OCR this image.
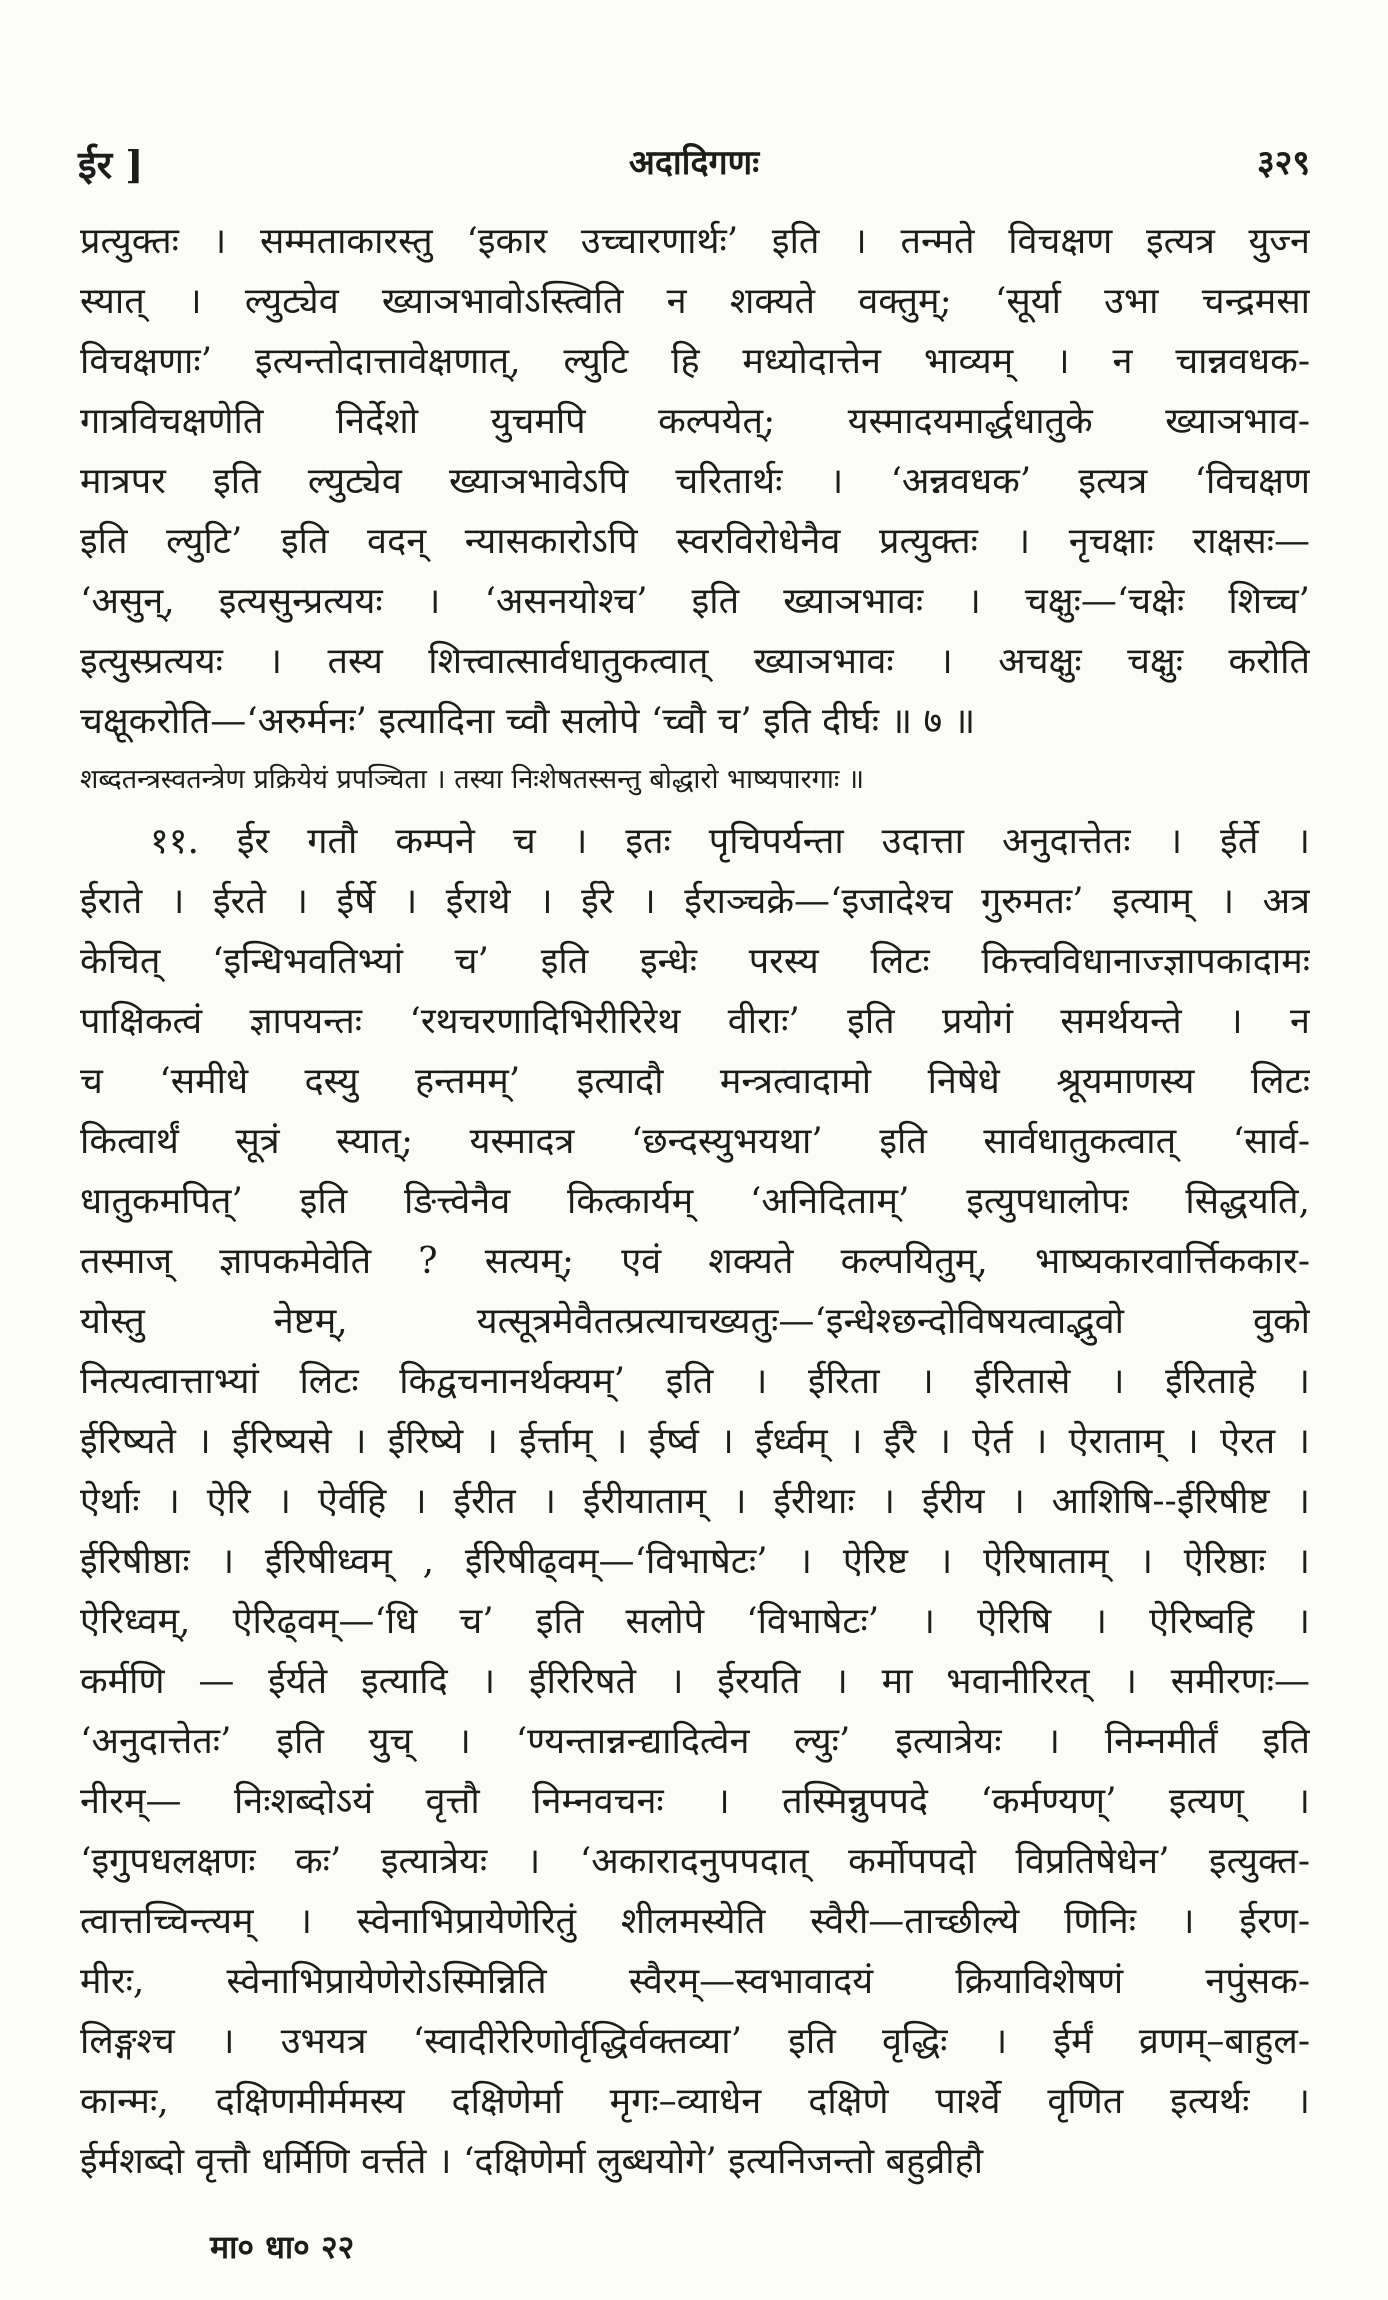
ईर ]	अदादिगणः	३२९
प्रत्युक्तः । सम्मताकारस्तु ‘इकार उच्चारणार्थः’ इति । तन्मते विचक्षण इत्यत्र युज्न
स्यात् । ल्युट्येव ख्याञभावोऽस्त्विति न शक्यते वक्तुम्; ‘सूर्या उभा चन्द्रमसा
विचक्षणाः’ इत्यन्तोदात्तावेक्षणात्, ल्युटि हि मध्योदात्तेन भाव्यम् । न चान्नवधक-
गात्रविचक्षणेति निर्देशो युचमपि कल्पयेत्; यस्मादयमार्द्धधातुके ख्याञभाव-
मात्रपर इति ल्युट्येव ख्याञभावेऽपि चरितार्थः । ‘अन्नवधक’ इत्यत्र ‘विचक्षण
इति ल्युटि’ इति वदन् न्यासकारोऽपि स्वरविरोधेनैव प्रत्युक्तः । नृचक्षाः राक्षसः—
‘असुन्, इत्यसुन्प्रत्ययः । ‘असनयोश्च’ इति ख्याञभावः । चक्षुः—‘चक्षेः शिच्च’
इत्युस्प्रत्ययः । तस्य शित्त्वात्सार्वधातुकत्वात् ख्याञभावः । अचक्षुः चक्षुः करोति
चक्षूकरोति—‘अरुर्मनः’ इत्यादिना च्वौ सलोपे ‘च्वौ च’ इति दीर्घः ॥ ७ ॥
शब्दतन्त्रस्वतन्त्रेण प्रक्रियेयं प्रपञ्चिता । तस्या निःशेषतस्सन्तु बोद्धारो भाष्यपारगाः ॥
११. ईर गतौ कम्पने च । इतः पृचिपर्यन्ता उदात्ता अनुदात्तेतः । ईर्ते ।
ईराते । ईरते । ईर्षे । ईराथे । ईरे । ईराञ्चक्रे—‘इजादेश्च गुरुमतः’ इत्याम् । अत्र
केचित् ‘इन्धिभवतिभ्यां च’ इति इन्धेः परस्य लिटः कित्त्वविधानाज्ज्ञापकादामः
पाक्षिकत्वं ज्ञापयन्तः ‘रथचरणादिभिरीरिरेथ वीराः’ इति प्रयोगं समर्थयन्ते । न
च ‘समीधे दस्यु हन्तमम्’ इत्यादौ मन्त्रत्वादामो निषेधे श्रूयमाणस्य लिटः
कित्वार्थं सूत्रं स्यात्; यस्मादत्र ‘छन्दस्युभयथा’ इति सार्वधातुकत्वात् ‘सार्व-
धातुकमपित्’ इति ङित्त्वेनैव कित्कार्यम् ‘अनिदिताम्’ इत्युपधालोपः सिद्धयति,
तस्माज् ज्ञापकमेवेति ? सत्यम्; एवं शक्यते कल्पयितुम्, भाष्यकारवार्त्तिककार-
योस्तु नेष्टम्, यत्सूत्रमेवैतत्प्रत्याचख्यतुः—‘इन्धेश्छन्दोविषयत्वाद्भुवो वुको
नित्यत्वात्ताभ्यां लिटः किद्वचनानर्थक्यम्’ इति । ईरिता । ईरितासे । ईरिताहे ।
ईरिष्यते । ईरिष्यसे । ईरिष्ये । ईर्त्ताम् । ईर्ष्व । ईर्ध्वम् । ईरै । ऐर्त । ऐराताम् । ऐरत ।
ऐर्थाः । ऐरि । ऐर्वहि । ईरीत । ईरीयाताम् । ईरीथाः । ईरीय । आशिषि--ईरिषीष्ट ।
ईरिषीष्ठाः । ईरिषीध्वम् , ईरिषीढ्वम्—‘विभाषेटः’ । ऐरिष्ट । ऐरिषाताम् । ऐरिष्ठाः ।
ऐरिध्वम्, ऐरिढ्वम्—‘धि च’ इति सलोपे ‘विभाषेटः’ । ऐरिषि । ऐरिष्वहि ।
कर्मणि — ईर्यते इत्यादि । ईरिरिषते । ईरयति । मा भवानीरिरत् । समीरणः—
‘अनुदात्तेतः’ इति युच् । ‘ण्यन्तान्नन्द्यादित्वेन ल्युः’ इत्यात्रेयः । निम्नमीर्तं इति
नीरम्— निःशब्दोऽयं वृत्तौ निम्नवचनः । तस्मिन्नुपपदे ‘कर्मण्यण्’ इत्यण् ।
‘इगुपधलक्षणः कः’ इत्यात्रेयः । ‘अकारादनुपपदात् कर्मोपपदो विप्रतिषेधेन’ इत्युक्त-
त्वात्तच्चिन्त्यम् । स्वेनाभिप्रायेणेरितुं शीलमस्येति स्वैरी—ताच्छील्ये णिनिः । ईरण-
मीरः, स्वेनाभिप्रायेणेरोऽस्मिन्निति स्वैरम्—स्वभावादयं क्रियाविशेषणं नपुंसक-
लिङ्गश्च । उभयत्र ‘स्वादीरेरिणोर्वृद्धिर्वक्तव्या’ इति वृद्धिः । ईर्मं व्रणम्–बाहुल-
कान्मः, दक्षिणमीर्ममस्य दक्षिणेर्मा मृगः–व्याधेन दक्षिणे पार्श्वे वृणित इत्यर्थः ।
ईर्मशब्दो वृत्तौ धर्मिणि वर्त्तते । ‘दक्षिणेर्मा लुब्धयोगे’ इत्यनिजन्तो बहुव्रीहौ
मा० धा० २२
